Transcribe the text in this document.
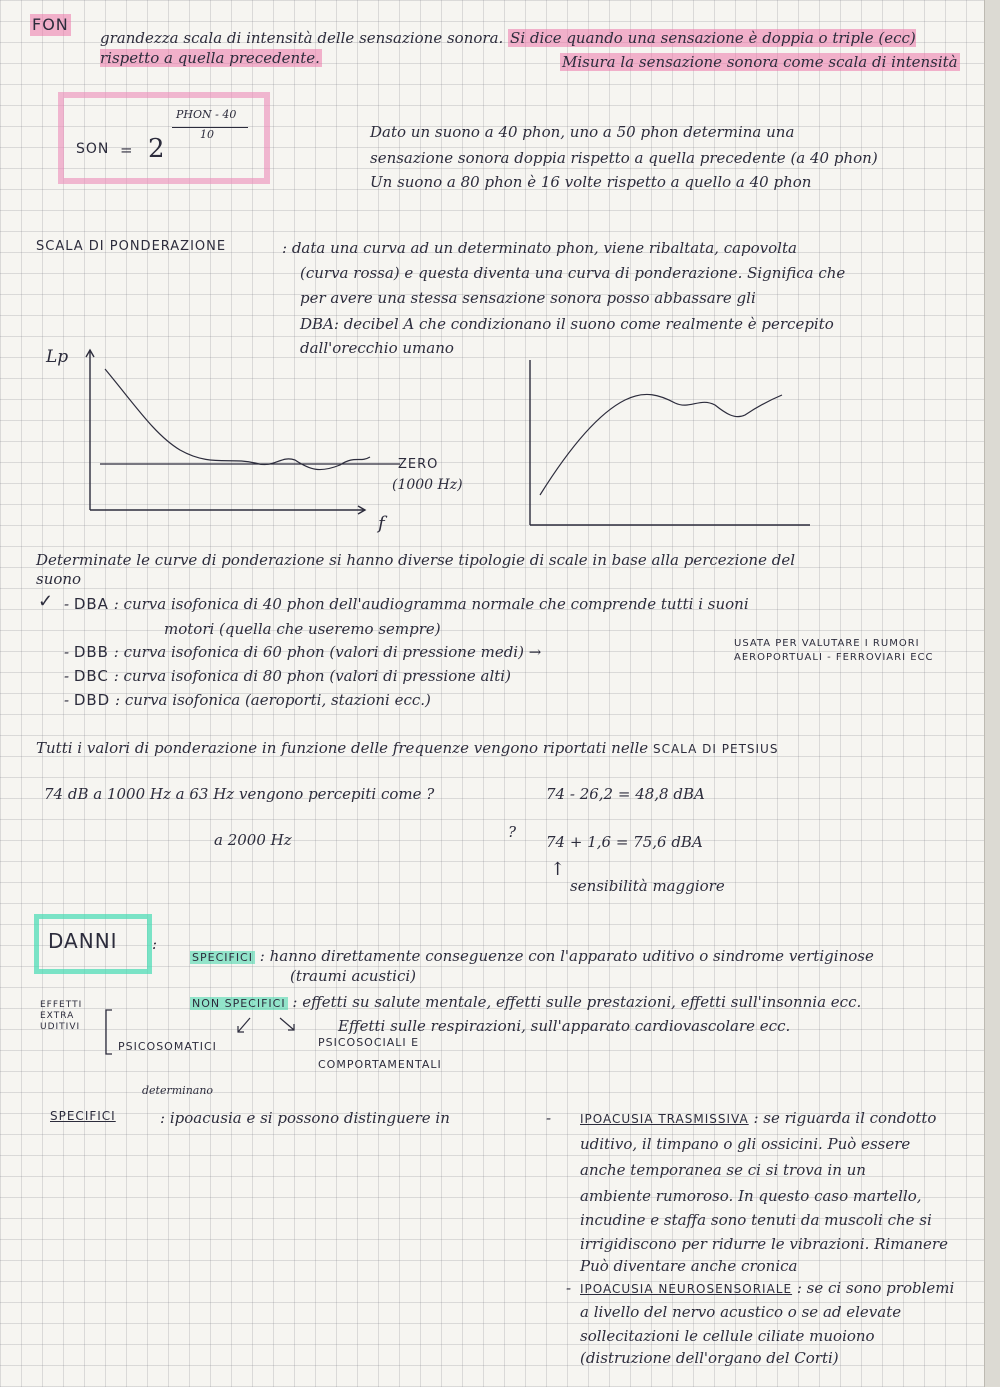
FON
grandezza scala di intensità delle sensazione sonora. Si dice quando una sensazione è doppia o triple (ecc) rispetto a quella precedente.	Misura la sensazione sonora come scala di intensità
SON = 2
PHON - 40
10	Dato un suono a 40 phon, uno a 50 phon determina una
sensazione sonora doppia rispetto a quella precedente (a 40 phon)
Un suono a 80 phon è 16 volte rispetto a quello a 40 phon
SCALA DI PONDERAZIONE	: data una curva ad un determinato phon, viene ribaltata, capovolta
(curva rossa) e questa diventa una curva di ponderazione. Significa che
per avere una stessa sensazione sonora posso abbassare gli
DBA: decibel A che condizionano il suono come realmente è percepito
dall'orecchio umano
Lp
f
ZERO
(1000 Hz)
Determinate le curve di ponderazione si hanno diverse tipologie di scale in base alla percezione del
suono
✓ - DBA : curva isofonica di 40 phon dell'audiogramma normale che comprende tutti i suoni
motori (quella che useremo sempre)
- DBB : curva isofonica di 60 phon (valori di pressione medi) →	USATA PER VALUTARE I RUMORI
AEROPORTUALI - FERROVIARI ECC
- DBC : curva isofonica di 80 phon (valori di pressione alti)
- DBD : curva isofonica (aeroporti, stazioni ecc.)
Tutti i valori di ponderazione in funzione delle frequenze vengono riportati nelle SCALA DI PETSIUS
74 dB a 1000 Hz a 63 Hz vengono percepiti come ?	74 - 26,2 = 48,8 dBA
a 2000 Hz	?
74 + 1,6 = 75,6 dBA
↑
sensibilità maggiore
DANNI :
SPECIFICI : hanno direttamente conseguenze con l'apparato uditivo o sindrome vertiginose
(traumi acustici)
NON SPECIFICI : effetti su salute mentale, effetti sulle prestazioni, effetti sull'insonnia ecc.
Effetti sulle respirazioni, sull'apparato cardiovascolare ecc.
EFFETTI EXTRA UDITIVI
PSICOSOMATICI	PSICOSOCIALI E
COMPORTAMENTALI
determinano
SPECIFICI	: ipoacusia e si possono distinguere in	- IPOACUSIA TRASMISSIVA : se riguarda il condotto
uditivo, il timpano o gli ossicini. Può essere
anche temporanea se ci si trova in un
ambiente rumoroso. In questo caso martello,
incudine e staffa sono tenuti da muscoli che si
irrigidiscono per ridurre le vibrazioni. Rimanere
Può diventare anche cronica
- IPOACUSIA NEUROSENSORIALE : se ci sono problemi
a livello del nervo acustico o se ad elevate
sollecitazioni le cellule ciliate muoiono
(distruzione dell'organo del Corti)
